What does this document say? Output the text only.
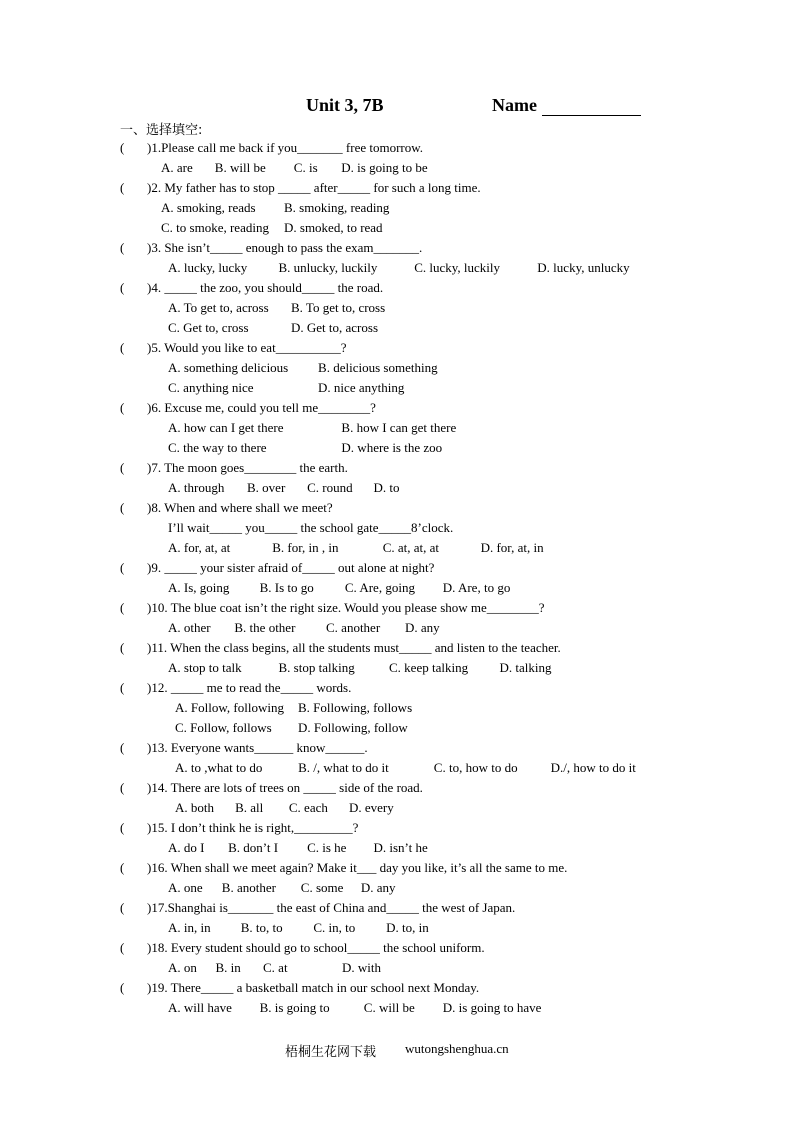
Unit 3, 7B	Name
一、选择填空:
( )1.Please call me back if you_______ free tomorrow.
A. are B. will be C. is D. is going to be
( )2. My father has to stop _____ after_____ for such a long time.
A. smoking, reads B. smoking, reading
C. to smoke, reading D. smoked, to read
( )3. She isn’t_____ enough to pass the exam_______.
A. lucky, lucky B. unlucky, luckily	C. lucky, luckily	D. lucky, unlucky
( )4. _____ the zoo, you should_____ the road.
A. To get to, across B. To get to, cross
C. Get to, cross	D. Get to, across
( )5. Would you like to eat__________?
A. something delicious B. delicious something
C. anything nice	D. nice anything
( )6. Excuse me, could you tell me________?
A. how can I get there	B. how I can get there
C. the way to there	D. where is the zoo
( )7. The moon goes________ the earth.
A. through B. over C. round D. to
( )8. When and where shall we meet?
I’ll wait_____ you_____ the school gate_____8’clock.
A. for, at, at	B. for, in , in	C. at, at, at	D. for, at, in
( )9. _____ your sister afraid of_____ out alone at night?
A. Is, going B. Is to go C. Are, going D. Are, to go
( )10. The blue coat isn’t the right size. Would you please show me________?
A. other B. the other C. another D. any
( )11. When the class begins, all the students must_____ and listen to the teacher.
A. stop to talk	B. stop talking	C. keep talking D. talking
( )12. _____ me to read the_____ words.
A. Follow, following B. Following, follows
C. Follow, follows D. Following, follow
( )13. Everyone wants______ know______.
A. to ,what to do	B. /, what to do it	C. to, how to do	D./, how to do it
( )14. There are lots of trees on _____ side of the road.
A. both B. all C. each D. every
( )15. I don’t think he is right,_________?
A. do I B. don’t I C. is he D. isn’t he
( )16. When shall we meet again? Make it___ day you like, it’s all the same to me.
A. one B. another C. some D. any
( )17.Shanghai is_______ the east of China and_____ the west of Japan.
A. in, in B. to, to C. in, to D. to, in
( )18. Every student should go to school_____ the school uniform.
A. on B. in C. at	D. with
( )19. There_____ a basketball match in our school next Monday.
A. will have B. is going to	C. will be D. is going to have
梧桐生花网下载 wutongshenghua.cn
